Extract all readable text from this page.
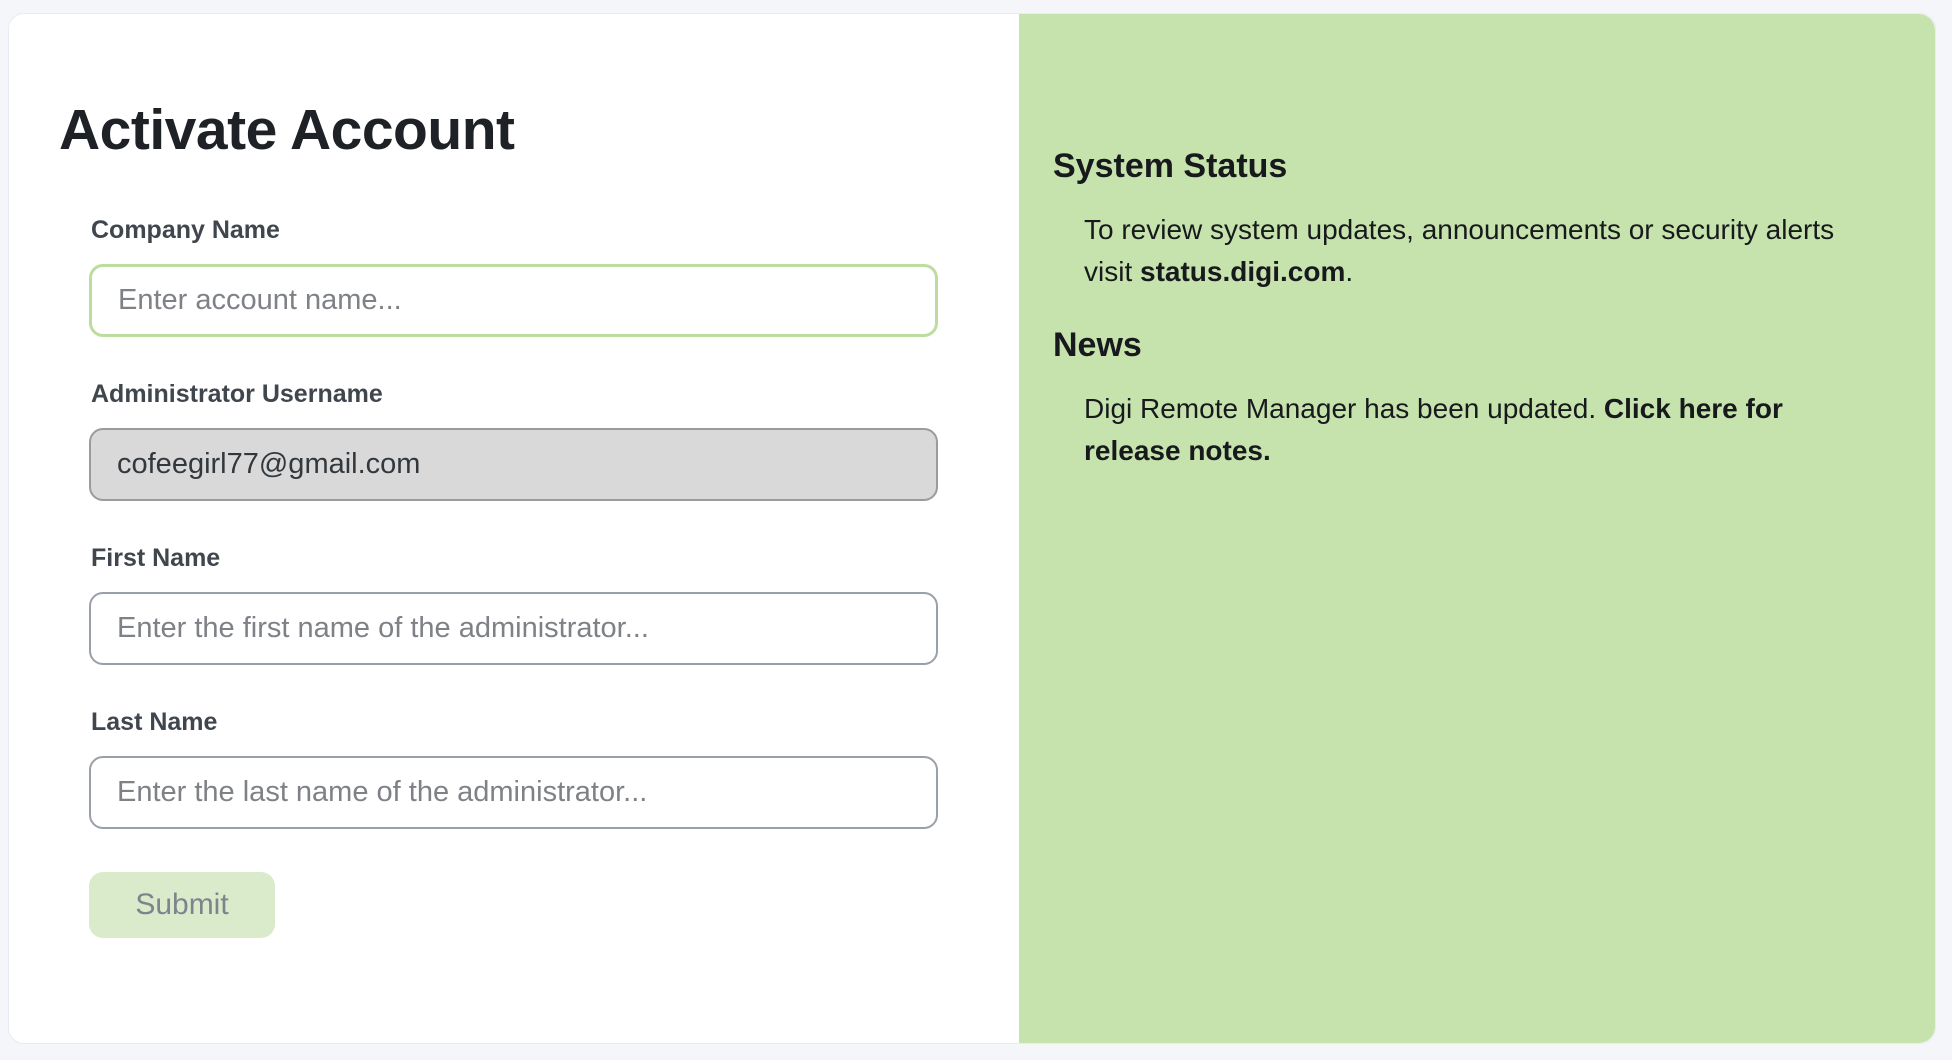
Activate Account
Company Name
Enter account name...
Administrator Username
cofeegirl77@gmail.com
First Name
Enter the first name of the administrator...
Last Name
Enter the last name of the administrator...
Submit
System Status

To review system updates, announcements or security alerts visit status.digi.com.

News

Digi Remote Manager has been updated. Click here for release notes.
